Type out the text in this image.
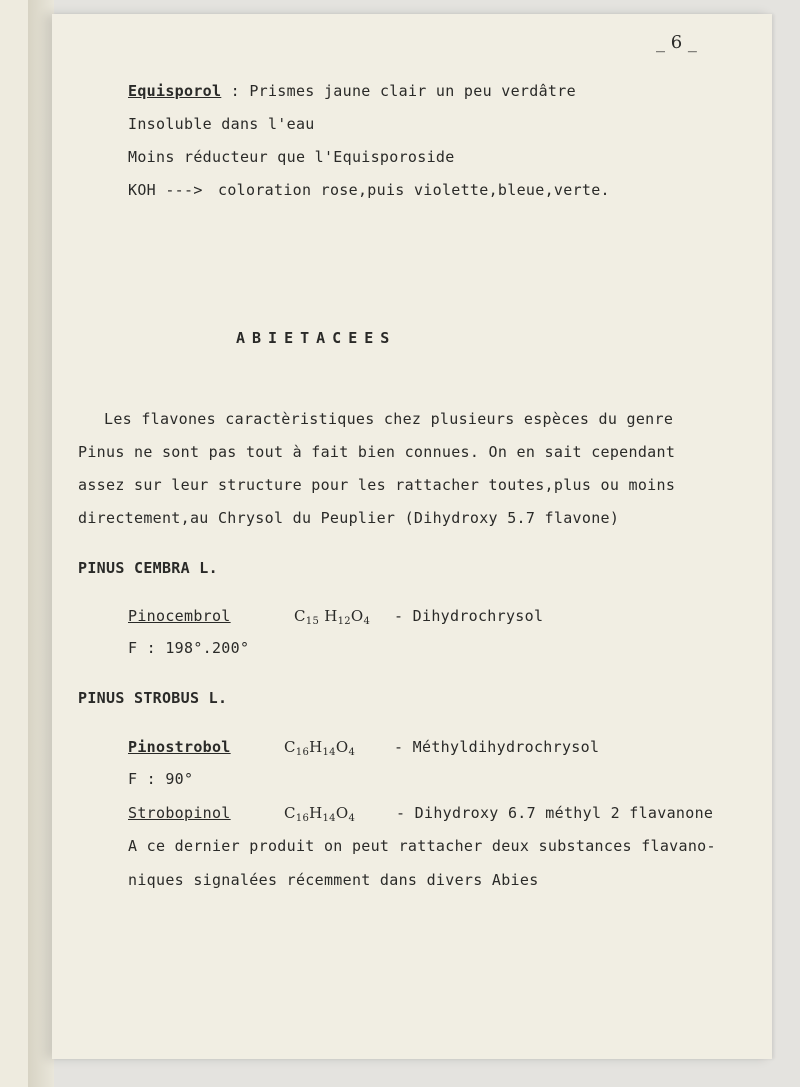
_ 6 _
Equisporol : Prismes jaune clair un peu verdâtre
Insoluble dans l'eau
Moins réducteur que l'Equisporoside
KOH ---> coloration rose,puis violette,bleue,verte.
ABIETACEES
Les flavones caractèristiques chez plusieurs espèces du genre
Pinus ne sont pas tout à fait bien connues. On en sait cependant
assez sur leur structure pour les rattacher toutes,plus ou moins
directement,au Chrysol du Peuplier (Dihydroxy 5.7 flavone)
PINUS CEMBRA L.
Pinocembrol	$C_{15}$ $H_{12}O_4$ - Dihydrochrysol
F : 198°.200°
PINUS STROBUS L.
Pinostrobol	$C_{16}H_{14}O_4$	- Méthyldihydrochrysol
F : 90°
Strobopinol	$C_{16}H_{14}O_4$	- Dihydroxy 6.7 méthyl 2 flavanone
A ce dernier produit on peut rattacher deux substances flavano-
niques signalées récemment dans divers Abies
